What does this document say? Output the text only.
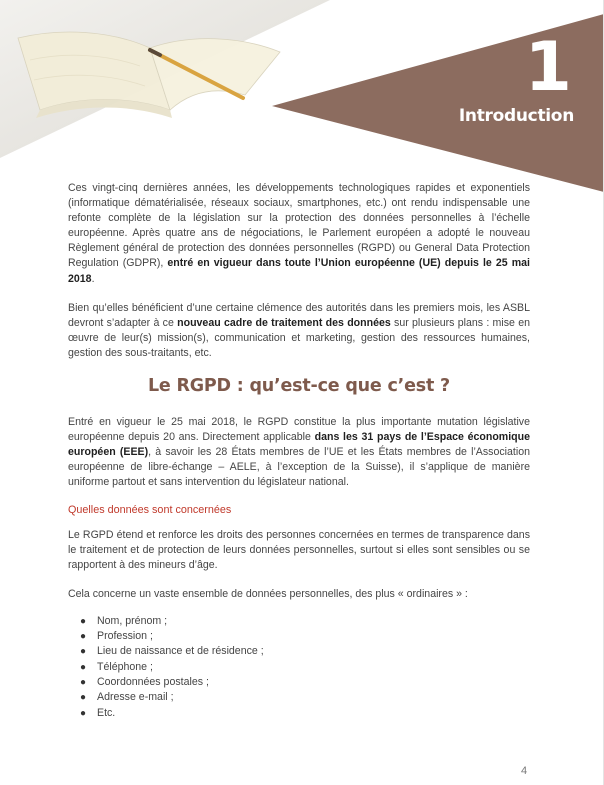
1
Introduction

Ces vingt-cinq dernières années, les développements technologiques rapides et exponentiels (informatique dématérialisée, réseaux sociaux, smartphones, etc.) ont rendu indispensable une refonte complète de la législation sur la protection des données personnelles à l’échelle européenne. Après quatre ans de négociations, le Parlement européen a adopté le nouveau Règlement général de protection des données personnelles (RGPD) ou General Data Protection Regulation (GDPR), entré en vigueur dans toute l’Union européenne (UE) depuis le 25 mai 2018.

Bien qu’elles bénéficient d’une certaine clémence des autorités dans les premiers mois, les ASBL devront s’adapter à ce nouveau cadre de traitement des données sur plusieurs plans : mise en œuvre de leur(s) mission(s), communication et marketing, gestion des ressources humaines, gestion des sous-traitants, etc.

Le RGPD : qu’est-ce que c’est ?

Entré en vigueur le 25 mai 2018, le RGPD constitue la plus importante mutation législative européenne depuis 20 ans. Directement applicable dans les 31 pays de l’Espace économique européen (EEE), à savoir les 28 États membres de l’UE et les États membres de l’Association européenne de libre-échange – AELE, à l’exception de la Suisse), il s’applique de manière uniforme partout et sans intervention du législateur national.

Quelles données sont concernées

Le RGPD étend et renforce les droits des personnes concernées en termes de transparence dans le traitement et de protection de leurs données personnelles, surtout si elles sont sensibles ou se rapportent à des mineurs d’âge.

Cela concerne un vaste ensemble de données personnelles, des plus « ordinaires » :

● Nom, prénom ;
● Profession ;
● Lieu de naissance et de résidence ;
● Téléphone ;
● Coordonnées postales ;
● Adresse e-mail ;
● Etc.
4
